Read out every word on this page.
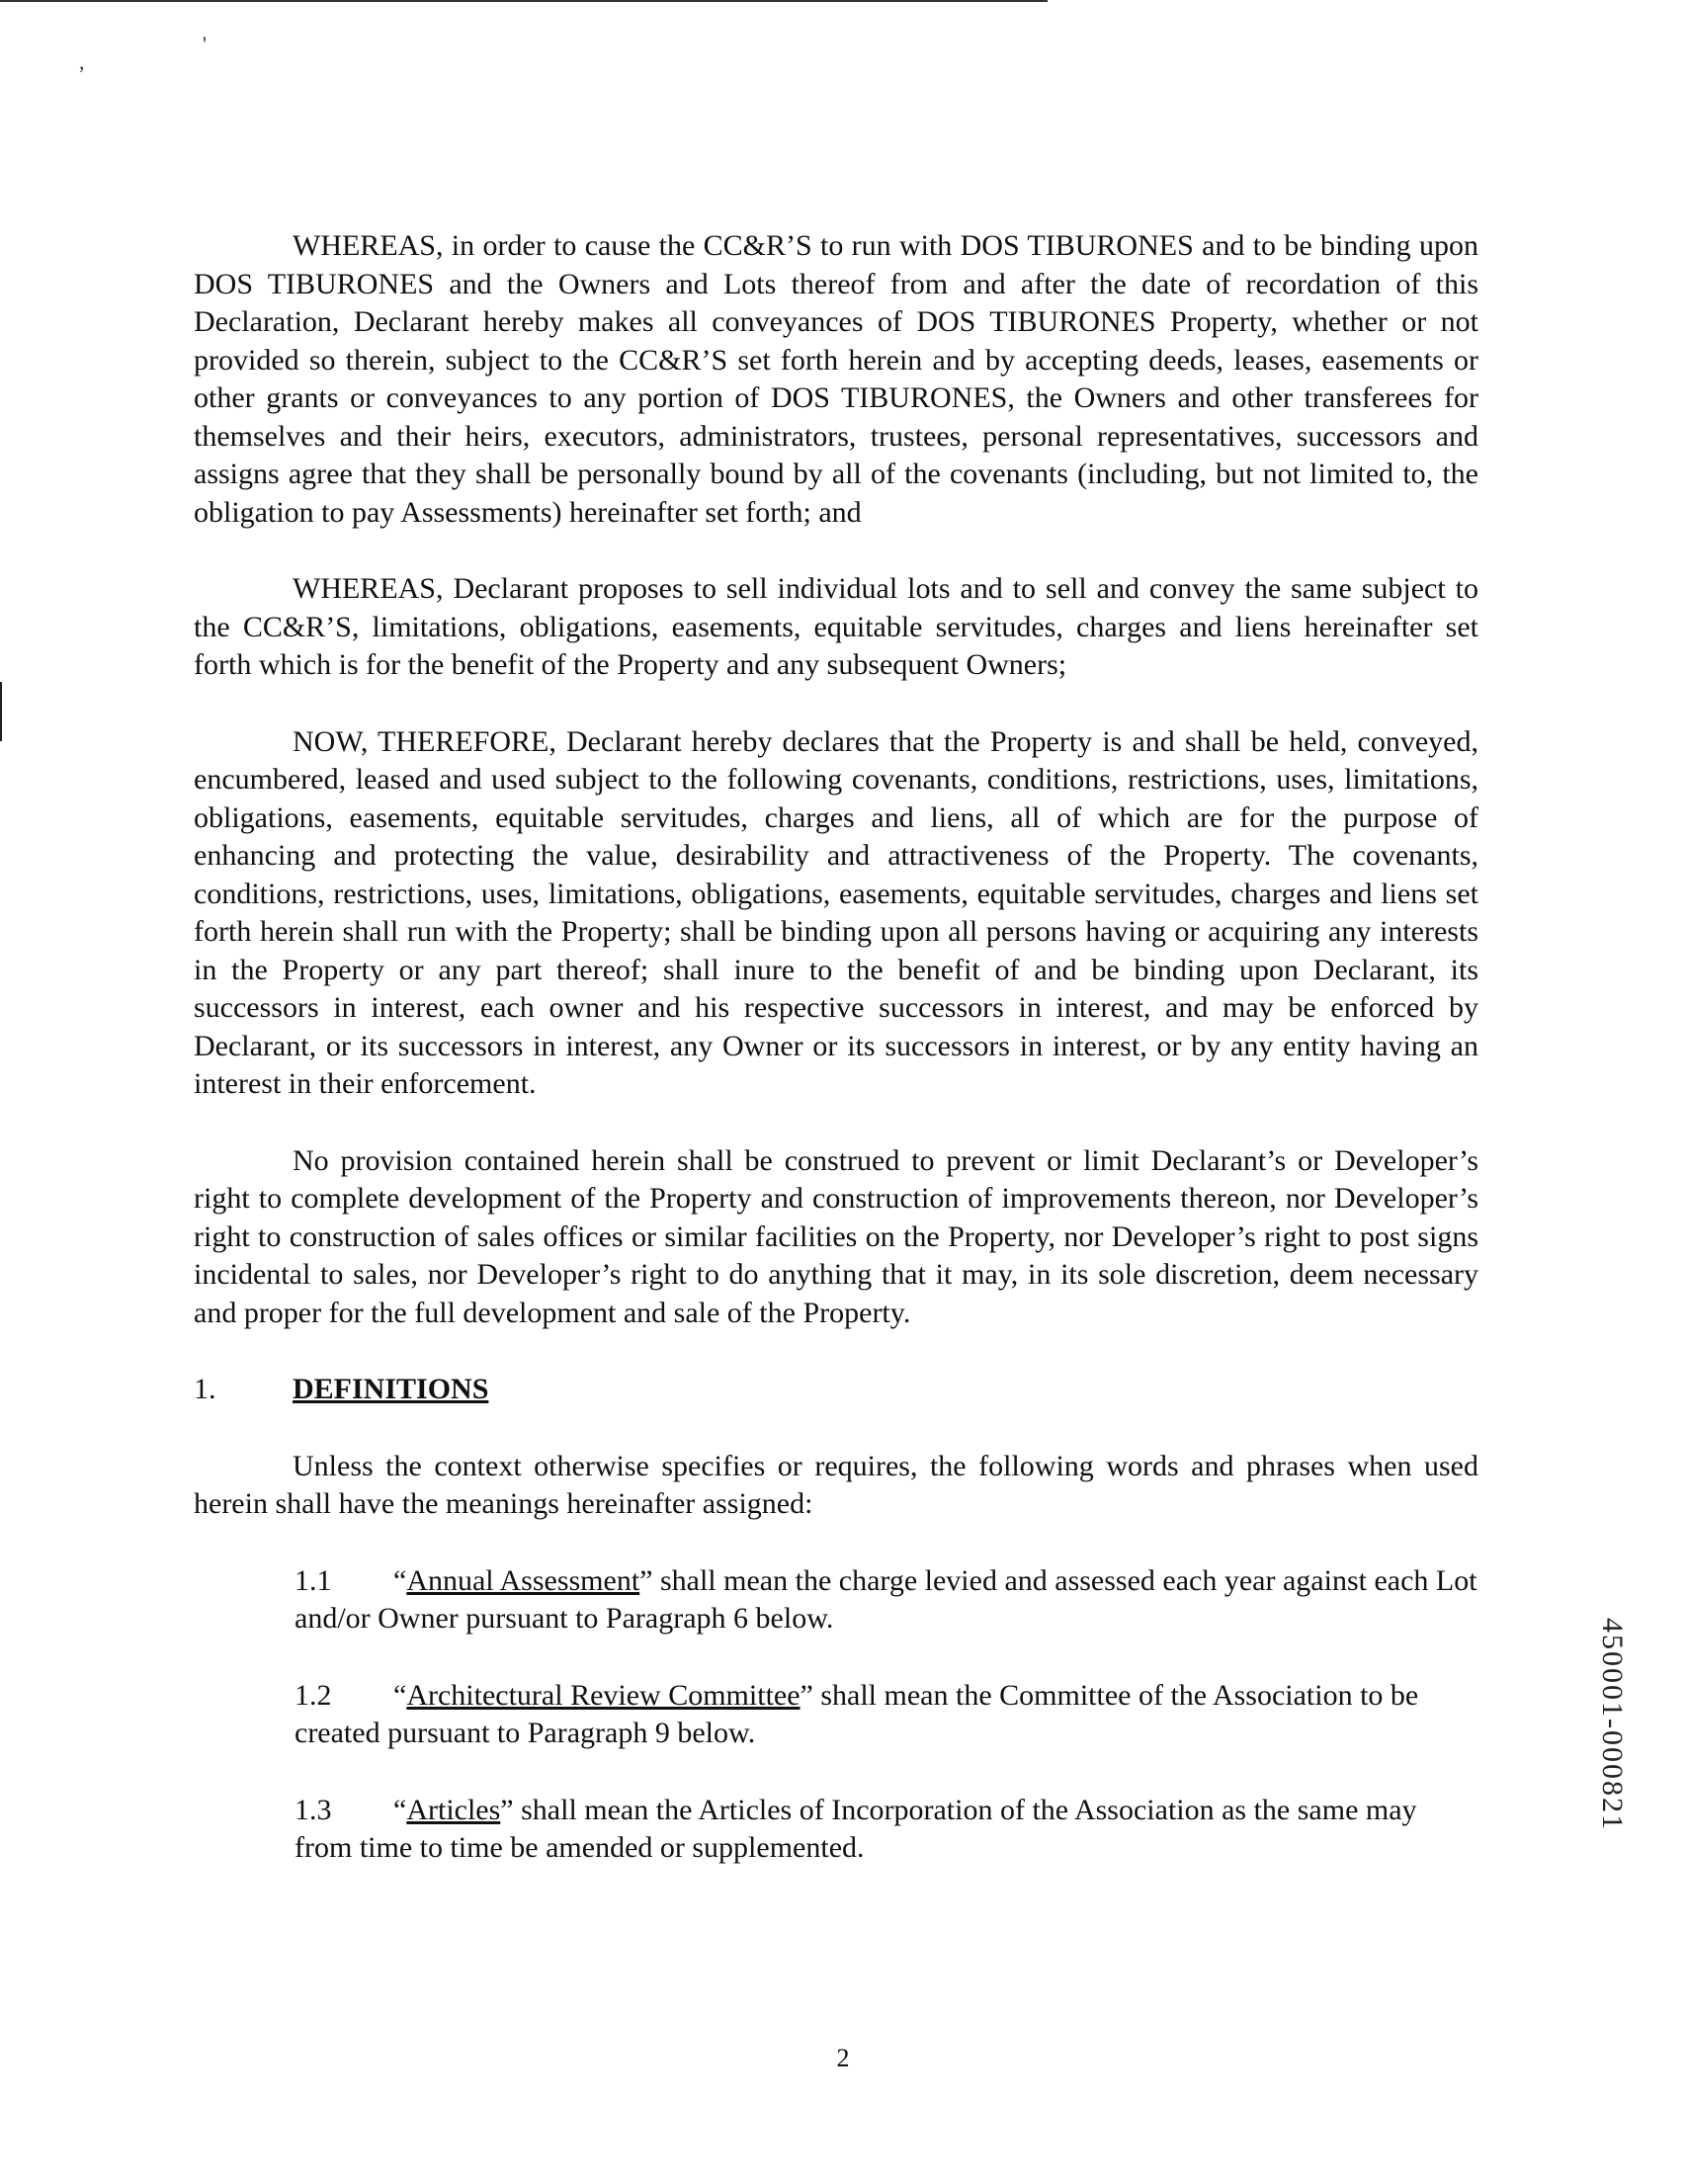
,
'

WHEREAS, in order to cause the CC&R’S to run with DOS TIBURONES and to be binding upon DOS TIBURONES and the Owners and Lots thereof from and after the date of recordation of this Declaration, Declarant hereby makes all conveyances of DOS TIBURONES Property, whether or not provided so therein, subject to the CC&R’S set forth herein and by accepting deeds, leases, easements or other grants or conveyances to any portion of DOS TIBURONES, the Owners and other transferees for themselves and their heirs, executors, administrators, trustees, personal representatives, successors and assigns agree that they shall be personally bound by all of the covenants (including, but not limited to, the obligation to pay Assessments) hereinafter set forth; and

WHEREAS, Declarant proposes to sell individual lots and to sell and convey the same subject to the CC&R’S, limitations, obligations, easements, equitable servitudes, charges and liens hereinafter set forth which is for the benefit of the Property and any subsequent Owners;

NOW, THEREFORE, Declarant hereby declares that the Property is and shall be held, conveyed, encumbered, leased and used subject to the following covenants, conditions, restrictions, uses, limitations, obligations, easements, equitable servitudes, charges and liens, all of which are for the purpose of enhancing and protecting the value, desirability and attractiveness of the Property. The covenants, conditions, restrictions, uses, limitations, obligations, easements, equitable servitudes, charges and liens set forth herein shall run with the Property; shall be binding upon all persons having or acquiring any interests in the Property or any part thereof; shall inure to the benefit of and be binding upon Declarant, its successors in interest, each owner and his respective successors in interest, and may be enforced by Declarant, or its successors in interest, any Owner or its successors in interest, or by any entity having an interest in their enforcement.

No provision contained herein shall be construed to prevent or limit Declarant’s or Developer’s right to complete development of the Property and construction of improvements thereon, nor Developer’s right to construction of sales offices or similar facilities on the Property, nor Developer’s right to post signs incidental to sales, nor Developer’s right to do anything that it may, in its sole discretion, deem necessary and proper for the full development and sale of the Property.

1.	DEFINITIONS

Unless the context otherwise specifies or requires, the following words and phrases when used herein shall have the meanings hereinafter assigned:

1.1 “Annual Assessment” shall mean the charge levied and assessed each year against each Lot and/or Owner pursuant to Paragraph 6 below.
1.2 “Architectural Review Committee” shall mean the Committee of the Association to be created pursuant to Paragraph 9 below.
1.3 “Articles” shall mean the Articles of Incorporation of the Association as the same may from time to time be amended or supplemented.
450001-000821
2
